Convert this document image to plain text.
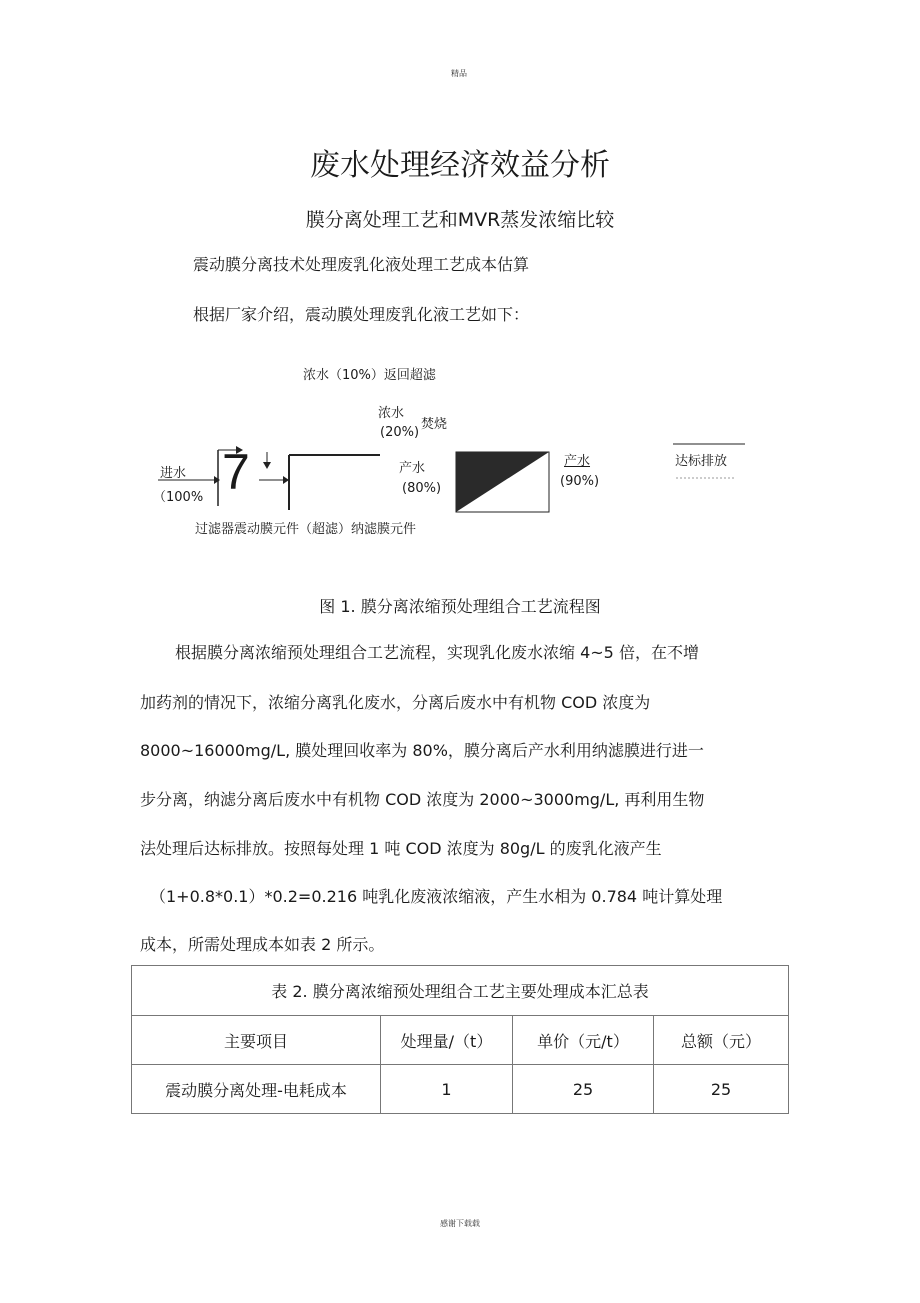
精品
废水处理经济效益分析
膜分离处理工艺和MVR蒸发浓缩比较
震动膜分离技术处理废乳化液处理工艺成本估算
根据厂家介绍，震动膜处理废乳化液工艺如下：
浓水（10%）返回超滤
浓水
(20%)
焚烧
进水
（100% 7	产水
(80%)
产水
(90%)
达标排放
过滤器震动膜元件（超滤）纳滤膜元件
图 1. 膜分离浓缩预处理组合工艺流程图
根据膜分离浓缩预处理组合工艺流程，实现乳化废水浓缩 4~5 倍，在不增
加药剂的情况下，浓缩分离乳化废水，分离后废水中有机物 COD 浓度为
8000~16000mg/L, 膜处理回收率为 80%，膜分离后产水利用纳滤膜进行进一
步分离，纳滤分离后废水中有机物 COD 浓度为 2000~3000mg/L, 再利用生物
法处理后达标排放。按照每处理 1 吨 COD 浓度为 80g/L 的废乳化液产生
（1+0.8*0.1）*0.2=0.216 吨乳化废液浓缩液，产生水相为 0.784 吨计算处理
成本，所需处理成本如表 2 所示。
表 2. 膜分离浓缩预处理组合工艺主要处理成本汇总表			
主要项目	处理量/（t）	单价（元/t）	总额（元）
震动膜分离处理-电耗成本	1	25	25
感谢下载载
